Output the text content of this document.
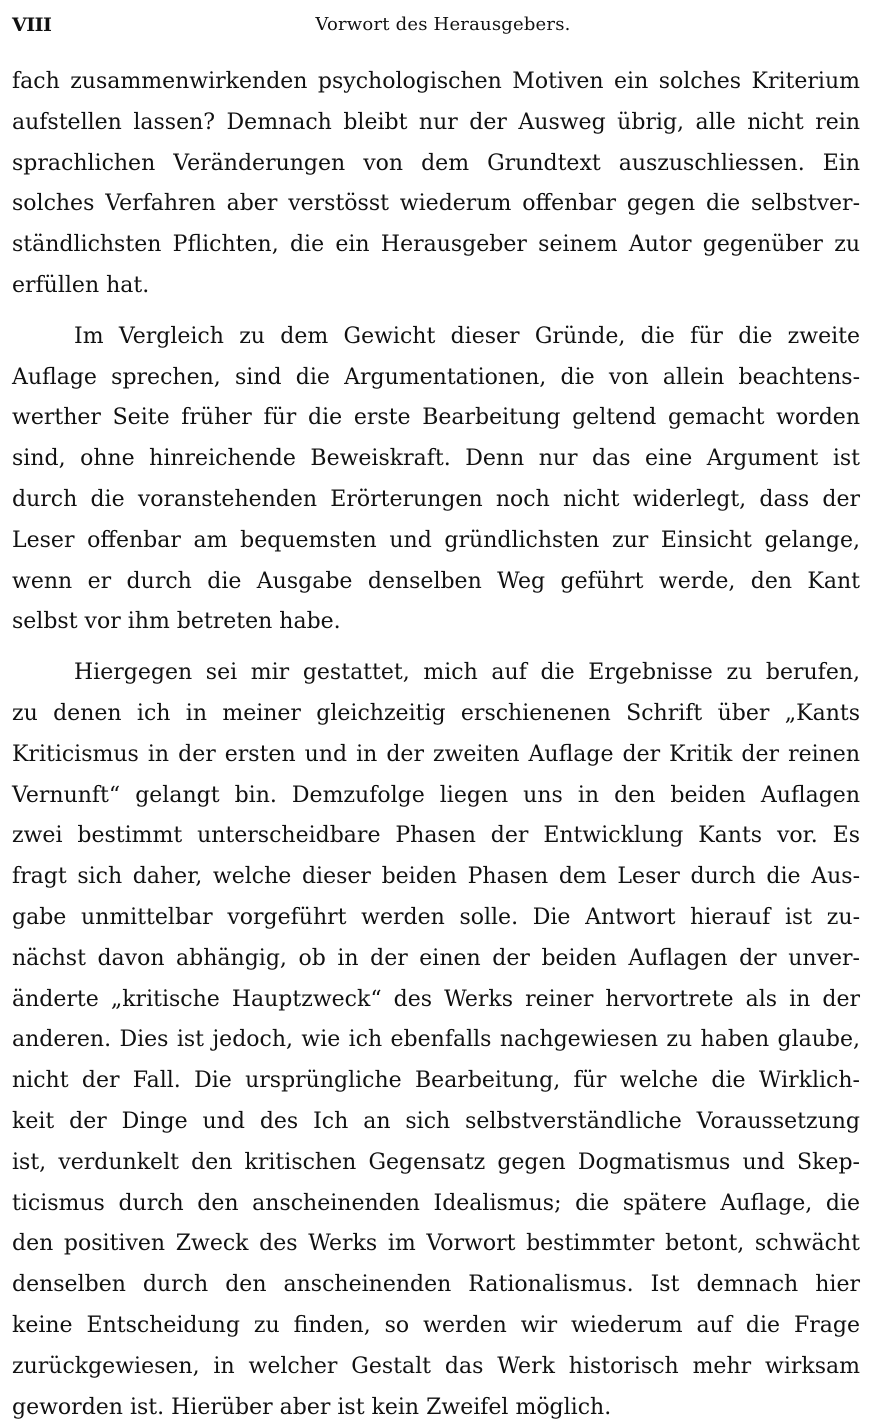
VIII	Vorwort des Herausgebers.
fach zusammenwirkenden psychologischen Motiven ein solches Kriterium
aufstellen lassen? Demnach bleibt nur der Ausweg übrig, alle nicht rein
sprachlichen Veränderungen von dem Grundtext auszuschliessen. Ein
solches Verfahren aber verstösst wiederum offenbar gegen die selbstver-
ständlichsten Pflichten, die ein Herausgeber seinem Autor gegenüber zu
erfüllen hat.
Im Vergleich zu dem Gewicht dieser Gründe, die für die zweite
Auflage sprechen, sind die Argumentationen, die von allein beachtens-
werther Seite früher für die erste Bearbeitung geltend gemacht worden
sind, ohne hinreichende Beweiskraft. Denn nur das eine Argument ist
durch die voranstehenden Erörterungen noch nicht widerlegt, dass der
Leser offenbar am bequemsten und gründlichsten zur Einsicht gelange,
wenn er durch die Ausgabe denselben Weg geführt werde, den Kant
selbst vor ihm betreten habe.
Hiergegen sei mir gestattet, mich auf die Ergebnisse zu berufen,
zu denen ich in meiner gleichzeitig erschienenen Schrift über „Kants
Kriticismus in der ersten und in der zweiten Auflage der Kritik der reinen
Vernunft“ gelangt bin. Demzufolge liegen uns in den beiden Auflagen
zwei bestimmt unterscheidbare Phasen der Entwicklung Kants vor. Es
fragt sich daher, welche dieser beiden Phasen dem Leser durch die Aus-
gabe unmittelbar vorgeführt werden solle. Die Antwort hierauf ist zu-
nächst davon abhängig, ob in der einen der beiden Auflagen der unver-
änderte „kritische Hauptzweck“ des Werks reiner hervortrete als in der
anderen. Dies ist jedoch, wie ich ebenfalls nachgewiesen zu haben glaube,
nicht der Fall. Die ursprüngliche Bearbeitung, für welche die Wirklich-
keit der Dinge und des Ich an sich selbstverständliche Voraussetzung
ist, verdunkelt den kritischen Gegensatz gegen Dogmatismus und Skep-
ticismus durch den anscheinenden Idealismus; die spätere Auflage, die
den positiven Zweck des Werks im Vorwort bestimmter betont, schwächt
denselben durch den anscheinenden Rationalismus. Ist demnach hier
keine Entscheidung zu finden, so werden wir wiederum auf die Frage
zurückgewiesen, in welcher Gestalt das Werk historisch mehr wirksam
geworden ist. Hierüber aber ist kein Zweifel möglich.
